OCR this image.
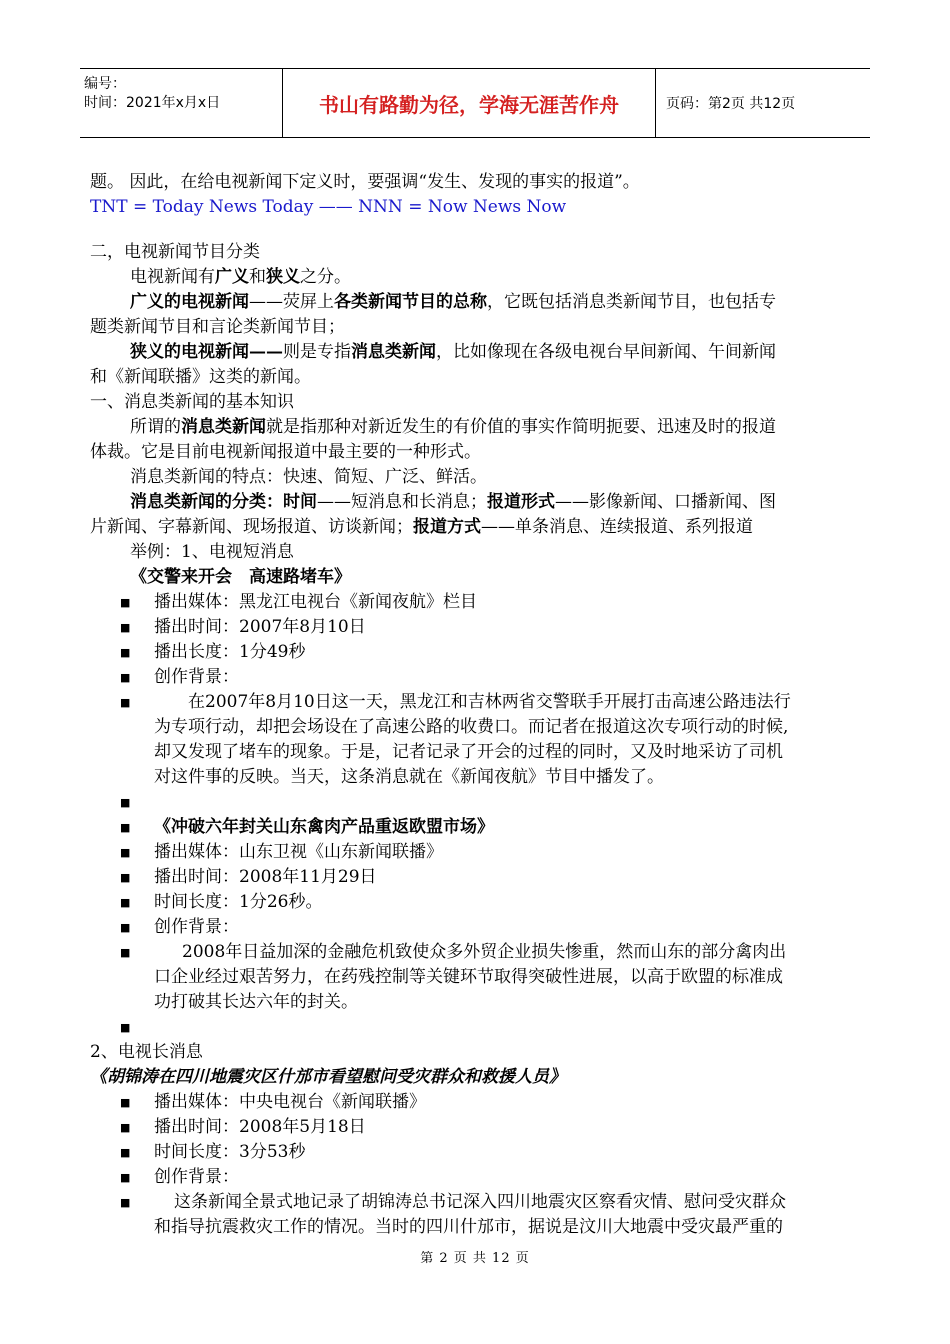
编号：
时间：2021年x月x日	书山有路勤为径，学海无涯苦作舟	页码：第2页 共12页
题。 因此，在给电视新闻下定义时，要强调“发生、发现的事实的报道”。
TNT = Today News Today —— NNN = Now News Now
二，电视新闻节目分类
电视新闻有广义和狭义之分。
广义的电视新闻——荧屏上各类新闻节目的总称，它既包括消息类新闻节目，也包括专
题类新闻节目和言论类新闻节目；
狭义的电视新闻——则是专指消息类新闻，比如像现在各级电视台早间新闻、午间新闻
和《新闻联播》这类的新闻。
一、消息类新闻的基本知识
所谓的消息类新闻就是指那种对新近发生的有价值的事实作简明扼要、迅速及时的报道
体裁。它是目前电视新闻报道中最主要的一种形式。
消息类新闻的特点：快速、简短、广泛、鲜活。
消息类新闻的分类：时间——短消息和长消息；报道形式——影像新闻、口播新闻、图
片新闻、字幕新闻、现场报道、访谈新闻；报道方式——单条消息、连续报道、系列报道
举例：1、电视短消息
《交警来开会　高速路堵车》
■	播出媒体：黑龙江电视台《新闻夜航》栏目
■	播出时间：2007年8月10日
■	播出长度：1分49秒
■	创作背景：
■	在2007年8月10日这一天，黑龙江和吉林两省交警联手开展打击高速公路违法行
为专项行动，却把会场设在了高速公路的收费口。而记者在报道这次专项行动的时候,
却又发现了堵车的现象。于是，记者记录了开会的过程的同时，又及时地采访了司机
对这件事的反映。当天，这条消息就在《新闻夜航》节目中播发了。
■
■	《冲破六年封关山东禽肉产品重返欧盟市场》
■	播出媒体：山东卫视《山东新闻联播》
■	播出时间：2008年11月29日
■	时间长度：1分26秒。
■	创作背景：
■	2008年日益加深的金融危机致使众多外贸企业损失惨重，然而山东的部分禽肉出
口企业经过艰苦努力，在药残控制等关键环节取得突破性进展，以高于欧盟的标准成
功打破其长达六年的封关。
■
2、电视长消息
《胡锦涛在四川地震灾区什邡市看望慰问受灾群众和救援人员》
■	播出媒体：中央电视台《新闻联播》
■	播出时间：2008年5月18日
■	时间长度：3分53秒
■	创作背景：
■	这条新闻全景式地记录了胡锦涛总书记深入四川地震灾区察看灾情、慰问受灾群众
和指导抗震救灾工作的情况。当时的四川什邡市，据说是汶川大地震中受灾最严重的
第 2 页 共 12 页
